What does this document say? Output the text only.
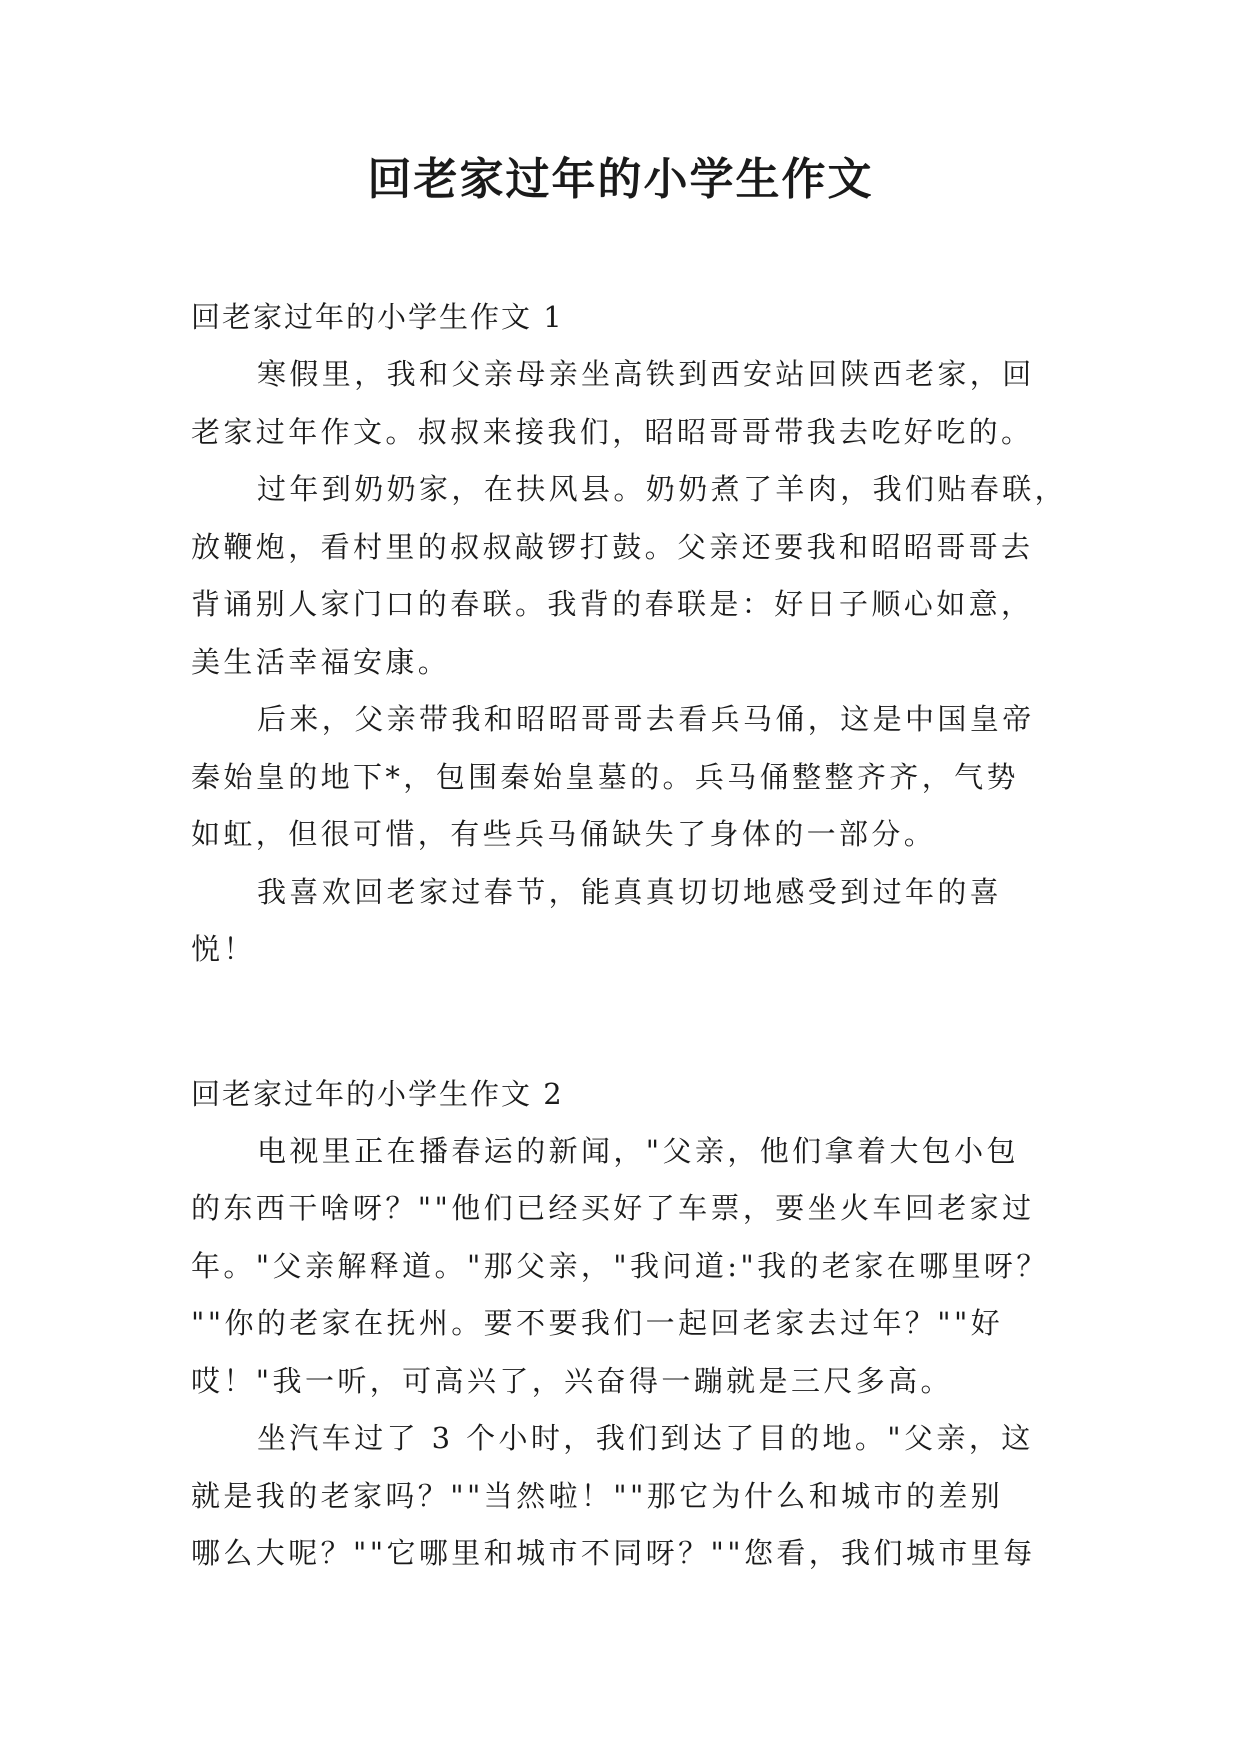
回老家过年的小学生作文
回老家过年的小学生作文 1

寒假里，我和父亲母亲坐高铁到西安站回陕西老家，回
老家过年作文。叔叔来接我们，昭昭哥哥带我去吃好吃的。

过年到奶奶家，在扶风县。奶奶煮了羊肉，我们贴春联，
放鞭炮，看村里的叔叔敲锣打鼓。父亲还要我和昭昭哥哥去
背诵别人家门口的春联。我背的春联是：好日子顺心如意，
美生活幸福安康。

后来，父亲带我和昭昭哥哥去看兵马俑，这是中国皇帝
秦始皇的地下*，包围秦始皇墓的。兵马俑整整齐齐，气势
如虹，但很可惜，有些兵马俑缺失了身体的一部分。

我喜欢回老家过春节，能真真切切地感受到过年的喜
悦！

回老家过年的小学生作文 2

电视里正在播春运的新闻，"父亲，他们拿着大包小包
的东西干啥呀？""他们已经买好了车票，要坐火车回老家过
年。"父亲解释道。"那父亲，"我问道:"我的老家在哪里呀？
""你的老家在抚州。要不要我们一起回老家去过年？""好
哎！"我一听，可高兴了，兴奋得一蹦就是三尺多高。

坐汽车过了 3 个小时，我们到达了目的地。"父亲，这
就是我的老家吗？""当然啦！""那它为什么和城市的差别
哪么大呢？""它哪里和城市不同呀？""您看，我们城市里每
